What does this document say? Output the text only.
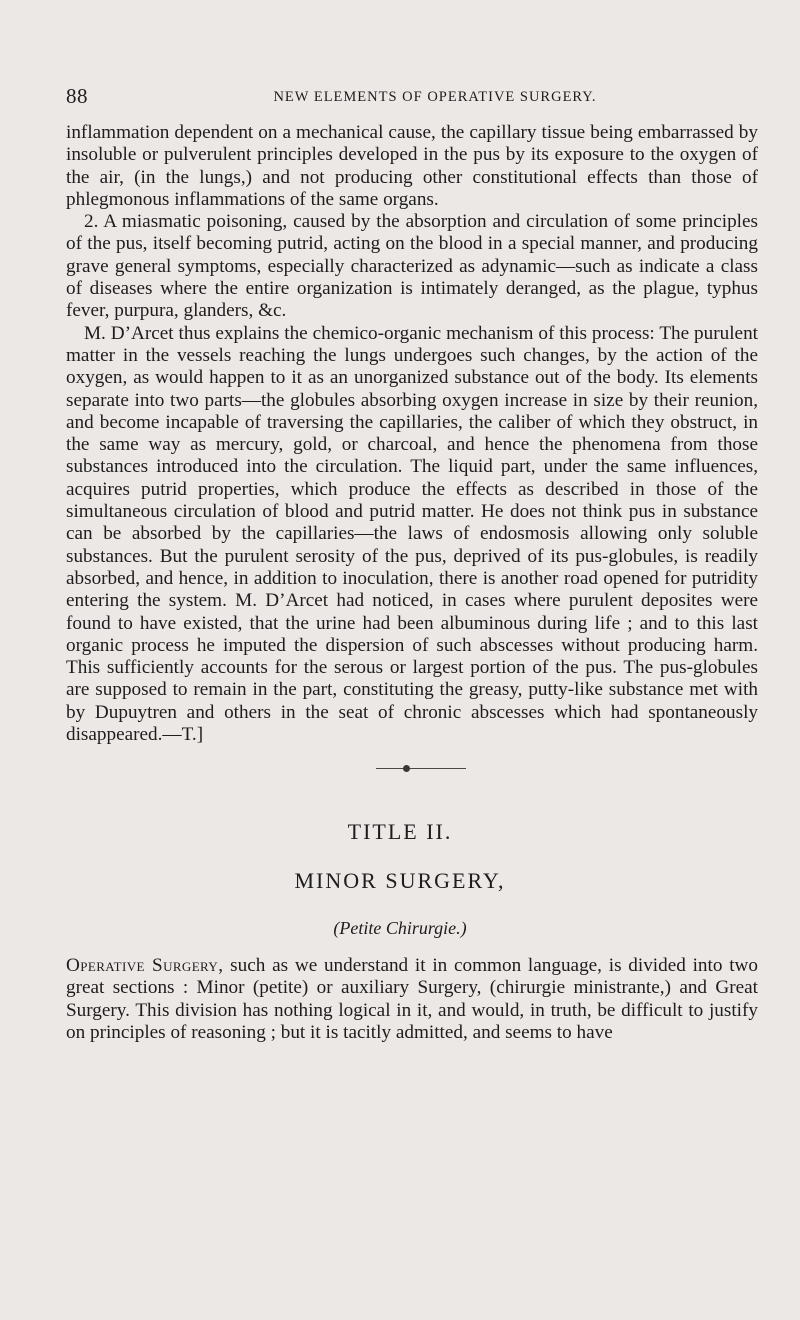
88	NEW ELEMENTS OF OPERATIVE SURGERY.

inflammation dependent on a mechanical cause, the capillary tissue being embarrassed by insoluble or pulverulent principles developed in the pus by its exposure to the oxygen of the air, (in the lungs,) and not producing other constitutional effects than those of phlegmonous inflammations of the same organs.

2. A miasmatic poisoning, caused by the absorption and circulation of some principles of the pus, itself becoming putrid, acting on the blood in a special manner, and producing grave general symptoms, especially characterized as adynamic—such as indicate a class of diseases where the entire organization is intimately deranged, as the plague, typhus fever, purpura, glanders, &c.

M. D’Arcet thus explains the chemico-organic mechanism of this process: The purulent matter in the vessels reaching the lungs undergoes such changes, by the action of the oxygen, as would happen to it as an unorganized substance out of the body. Its elements separate into two parts—the globules absorbing oxygen increase in size by their reunion, and become incapable of traversing the capillaries, the caliber of which they obstruct, in the same way as mercury, gold, or charcoal, and hence the phenomena from those substances introduced into the circulation. The liquid part, under the same influences, acquires putrid properties, which produce the effects as described in those of the simultaneous circulation of blood and putrid matter. He does not think pus in substance can be absorbed by the capillaries—the laws of endosmosis allowing only soluble substances. But the purulent serosity of the pus, deprived of its pus-globules, is readily absorbed, and hence, in addition to inoculation, there is another road opened for putridity entering the system. M. D’Arcet had noticed, in cases where purulent deposites were found to have existed, that the urine had been albuminous during life ; and to this last organic process he imputed the dispersion of such abscesses without producing harm. This sufficiently accounts for the serous or largest portion of the pus. The pus-globules are supposed to remain in the part, constituting the greasy, putty-like substance met with by Dupuytren and others in the seat of chronic abscesses which had spontaneously disappeared.—T.]

TITLE II.
MINOR SURGERY,
(Petite Chirurgie.)

Operative Surgery, such as we understand it in common language, is divided into two great sections : Minor (petite) or auxiliary Surgery, (chirurgie ministrante,) and Great Surgery. This division has nothing logical in it, and would, in truth, be difficult to justify on principles of reasoning ; but it is tacitly admitted, and seems to have
